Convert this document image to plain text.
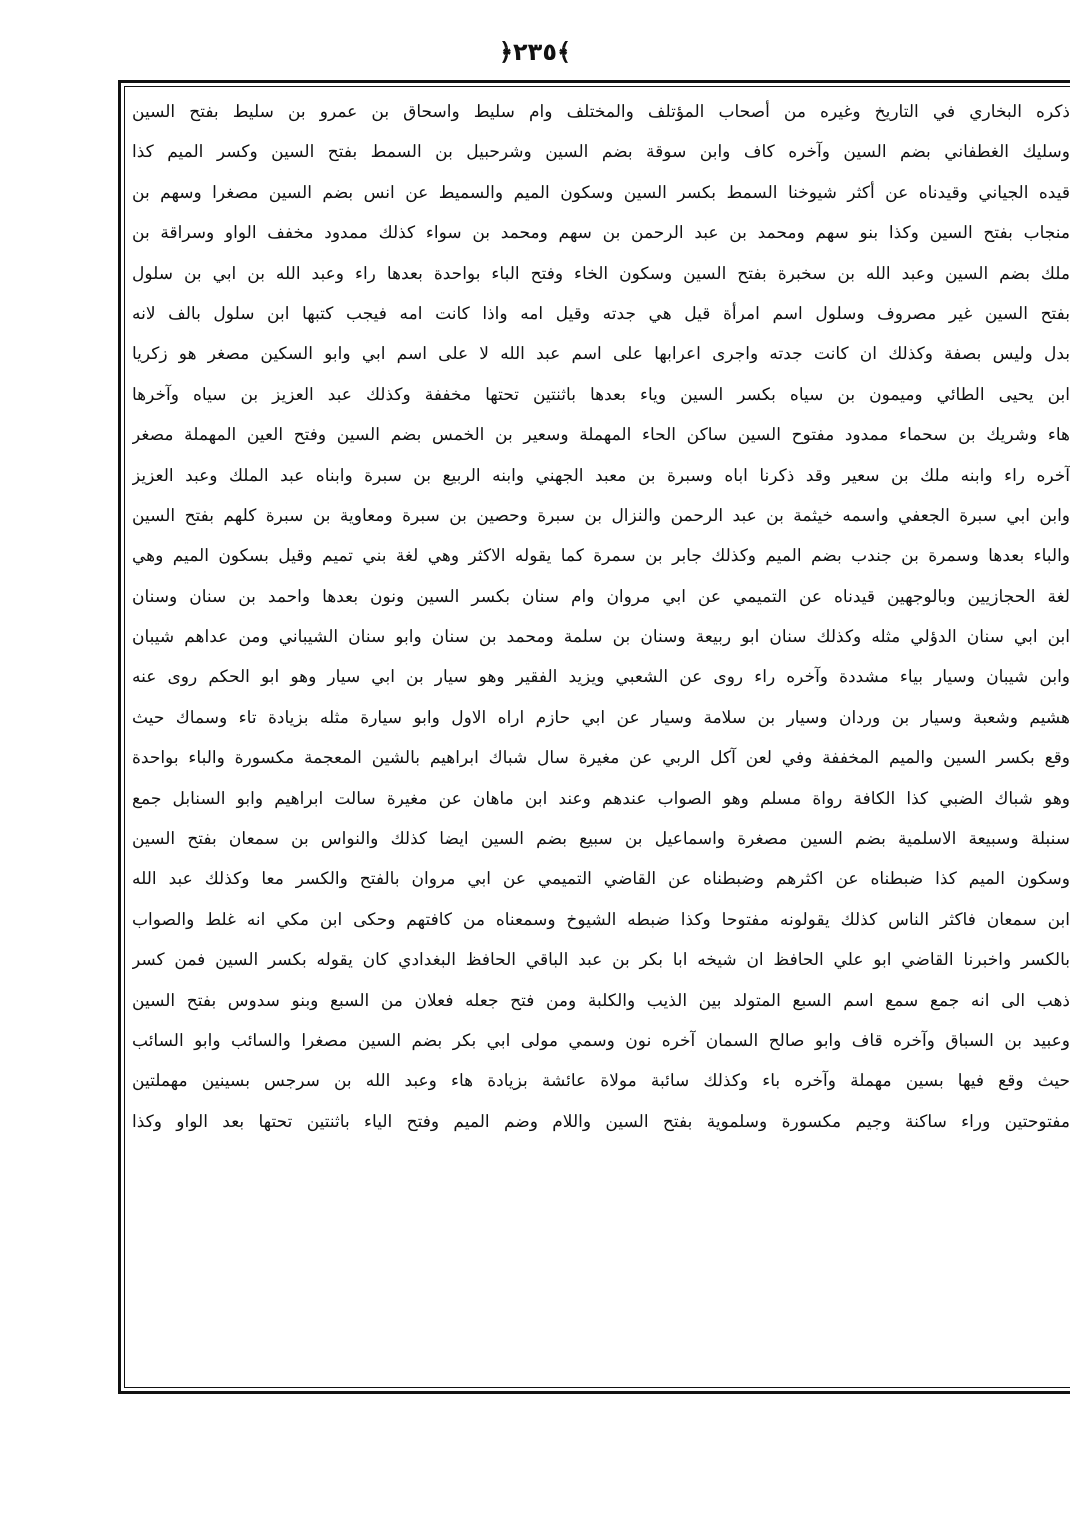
﴿٢٣٥﴾
ذكره البخاري في التاريخ وغيره من أصحاب المؤتلف والمختلف وام سليط واسحاق بن عمرو بن سليط بفتح السين
وسليك الغطفاني بضم السين وآخره كاف وابن سوقة بضم السين وشرحبيل بن السمط بفتح السين وكسر الميم كذا
قيده الجياني وقيدناه عن أكثر شيوخنا السمط بكسر السين وسكون الميم والسميط عن انس بضم السين مصغرا وسهم بن
منجاب بفتح السين وكذا بنو سهم ومحمد بن عبد الرحمن بن سهم ومحمد بن سواء كذلك ممدود مخفف الواو وسراقة بن
ملك بضم السين وعبد الله بن سخبرة بفتح السين وسكون الخاء وفتح الباء بواحدة بعدها راء وعبد الله بن ابي بن سلول
بفتح السين غير مصروف وسلول اسم امرأة قيل هي جدته وقيل امه واذا كانت امه فيجب كتبها ابن سلول بالف لانه
بدل وليس بصفة وكذلك ان كانت جدته واجرى اعرابها على اسم عبد الله لا على اسم ابي وابو السكين مصغر هو زكريا
ابن يحيى الطائي وميمون بن سياه بكسر السين وياء بعدها باثنتين تحتها مخففة وكذلك عبد العزيز بن سياه وآخرها
هاء وشريك بن سحماء ممدود مفتوح السين ساكن الحاء المهملة وسعير بن الخمس بضم السين وفتح العين المهملة مصغر
آخره راء وابنه ملك بن سعير وقد ذكرنا اباه وسبرة بن معبد الجهني وابنه الربيع بن سبرة وابناه عبد الملك وعبد العزيز
وابن ابي سبرة الجعفي واسمه خيثمة بن عبد الرحمن والنزال بن سبرة وحصين بن سبرة ومعاوية بن سبرة كلهم بفتح السين
والباء بعدها وسمرة بن جندب بضم الميم وكذلك جابر بن سمرة كما يقوله الاكثر وهي لغة بني تميم وقيل بسكون الميم وهي
لغة الحجازيين وبالوجهين قيدناه عن التميمي عن ابي مروان وام سنان بكسر السين ونون بعدها واحمد بن سنان وسنان
ابن ابي سنان الدؤلي مثله وكذلك سنان ابو ربيعة وسنان بن سلمة ومحمد بن سنان وابو سنان الشيباني ومن عداهم شيبان
وابن شيبان وسيار بياء مشددة وآخره راء روى عن الشعبي ويزيد الفقير وهو سيار بن ابي سيار وهو ابو الحكم روى عنه
هشيم وشعبة وسيار بن وردان وسيار بن سلامة وسيار عن ابي حازم اراه الاول وابو سيارة مثله بزيادة تاء وسماك حيث
وقع بكسر السين والميم المخففة وفي لعن آكل الربي عن مغيرة سال شباك ابراهيم بالشين المعجمة مكسورة والباء بواحدة
وهو شباك الضبي كذا الكافة رواة مسلم وهو الصواب عندهم وعند ابن ماهان عن مغيرة سالت ابراهيم وابو السنابل جمع
سنبلة وسبيعة الاسلمية بضم السين مصغرة واسماعيل بن سبيع بضم السين ايضا كذلك والنواس بن سمعان بفتح السين
وسكون الميم كذا ضبطناه عن اكثرهم وضبطناه عن القاضي التميمي عن ابي مروان بالفتح والكسر معا وكذلك عبد الله
ابن سمعان فاكثر الناس كذلك يقولونه مفتوحا وكذا ضبطه الشيوخ وسمعناه من كافتهم وحكى ابن مكي انه غلط والصواب
بالكسر واخبرنا القاضي ابو علي الحافظ ان شيخه ابا بكر بن عبد الباقي الحافظ البغدادي كان يقوله بكسر السين فمن كسر
ذهب الى انه جمع سمع اسم السبع المتولد بين الذيب والكلبة ومن فتح جعله فعلان من السبع وبنو سدوس بفتح السين
وعبيد بن السباق وآخره قاف وابو صالح السمان آخره نون وسمي مولى ابي بكر بضم السين مصغرا والسائب وابو السائب
حيث وقع فيها بسين مهملة وآخره باء وكذلك سائبة مولاة عائشة بزيادة هاء وعبد الله بن سرجس بسينين مهملتين
مفتوحتين وراء ساكنة وجيم مكسورة وسلموية بفتح السين واللام وضم الميم وفتح الياء باثنتين تحتها بعد الواو وكذا
